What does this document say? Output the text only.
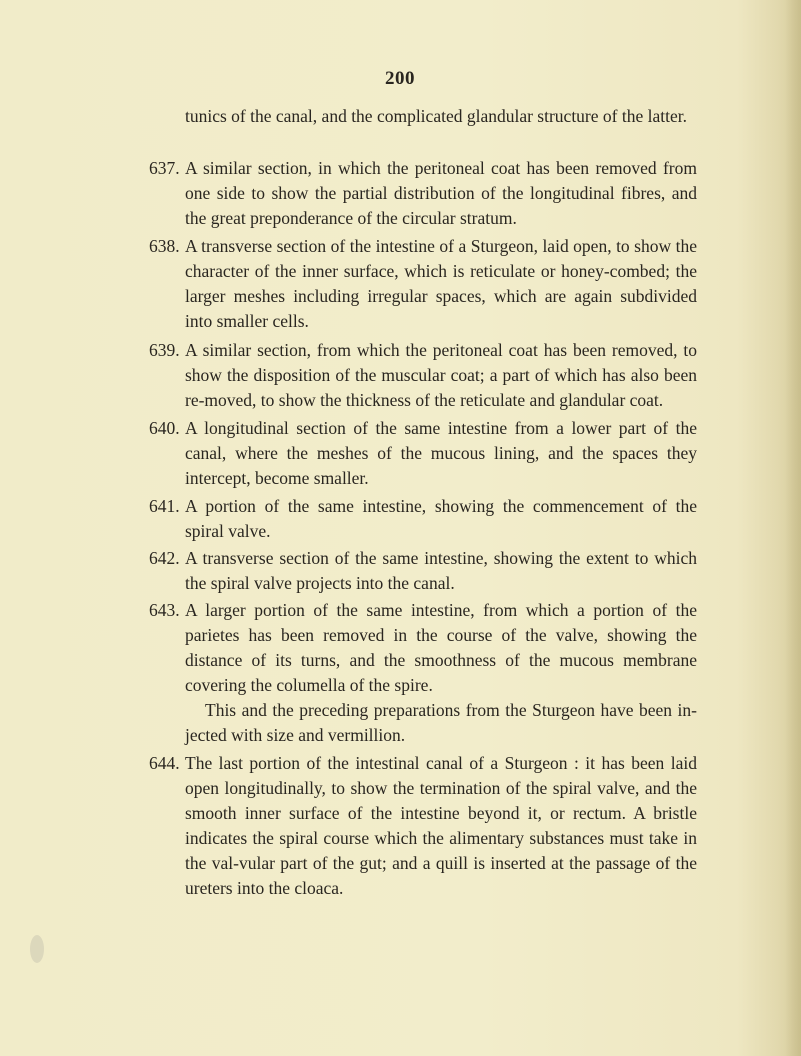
200

tunics of the canal, and the complicated glandular structure of the latter.

637. A similar section, in which the peritoneal coat has been removed from one side to show the partial distribution of the longitudinal fibres, and the great preponderance of the circular stratum.

638. A transverse section of the intestine of a Sturgeon, laid open, to show the character of the inner surface, which is reticulate or honey-combed; the larger meshes including irregular spaces, which are again subdivided into smaller cells.

639. A similar section, from which the peritoneal coat has been removed, to show the disposition of the muscular coat; a part of which has also been re-moved, to show the thickness of the reticulate and glandular coat.

640. A longitudinal section of the same intestine from a lower part of the canal, where the meshes of the mucous lining, and the spaces they intercept, become smaller.

641. A portion of the same intestine, showing the commencement of the spiral valve.

642. A transverse section of the same intestine, showing the extent to which the spiral valve projects into the canal.

643. A larger portion of the same intestine, from which a portion of the parietes has been removed in the course of the valve, showing the distance of its turns, and the smoothness of the mucous membrane covering the columella of the spire.

This and the preceding preparations from the Sturgeon have been in-jected with size and vermillion.

644. The last portion of the intestinal canal of a Sturgeon : it has been laid open longitudinally, to show the termination of the spiral valve, and the smooth inner surface of the intestine beyond it, or rectum. A bristle indicates the spiral course which the alimentary substances must take in the val-vular part of the gut; and a quill is inserted at the passage of the ureters into the cloaca.
